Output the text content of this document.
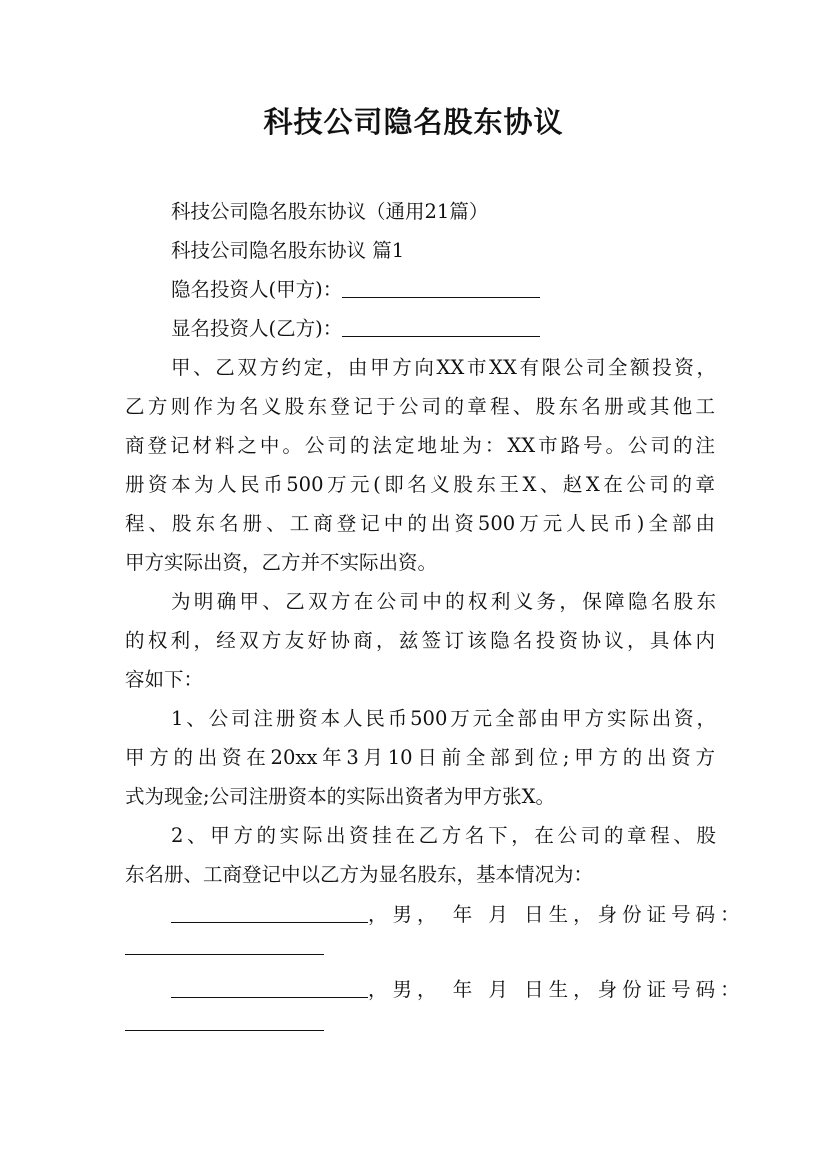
科技公司隐名股东协议
科技公司隐名股东协议（通用21篇）
科技公司隐名股东协议 篇1
隐名投资人(甲方)：
显名投资人(乙方)：
甲、乙双方约定，由甲方向XX市XX有限公司全额投资，
乙方则作为名义股东登记于公司的章程、股东名册或其他工
商登记材料之中。公司的法定地址为：XX市路号。公司的注
册资本为人民币500万元(即名义股东王X、赵X在公司的章
程、股东名册、工商登记中的出资500万元人民币)全部由
甲方实际出资，乙方并不实际出资。
为明确甲、乙双方在公司中的权利义务，保障隐名股东
的权利，经双方友好协商，兹签订该隐名投资协议，具体内
容如下：
1、公司注册资本人民币500万元全部由甲方实际出资，
甲方的出资在20xx年3月10日前全部到位;甲方的出资方
式为现金;公司注册资本的实际出资者为甲方张X。
2、甲方的实际出资挂在乙方名下，在公司的章程、股
东名册、工商登记中以乙方为显名股东，基本情况为：
，男， 年 月 日生，身份证号码：
，男， 年 月 日生，身份证号码：
